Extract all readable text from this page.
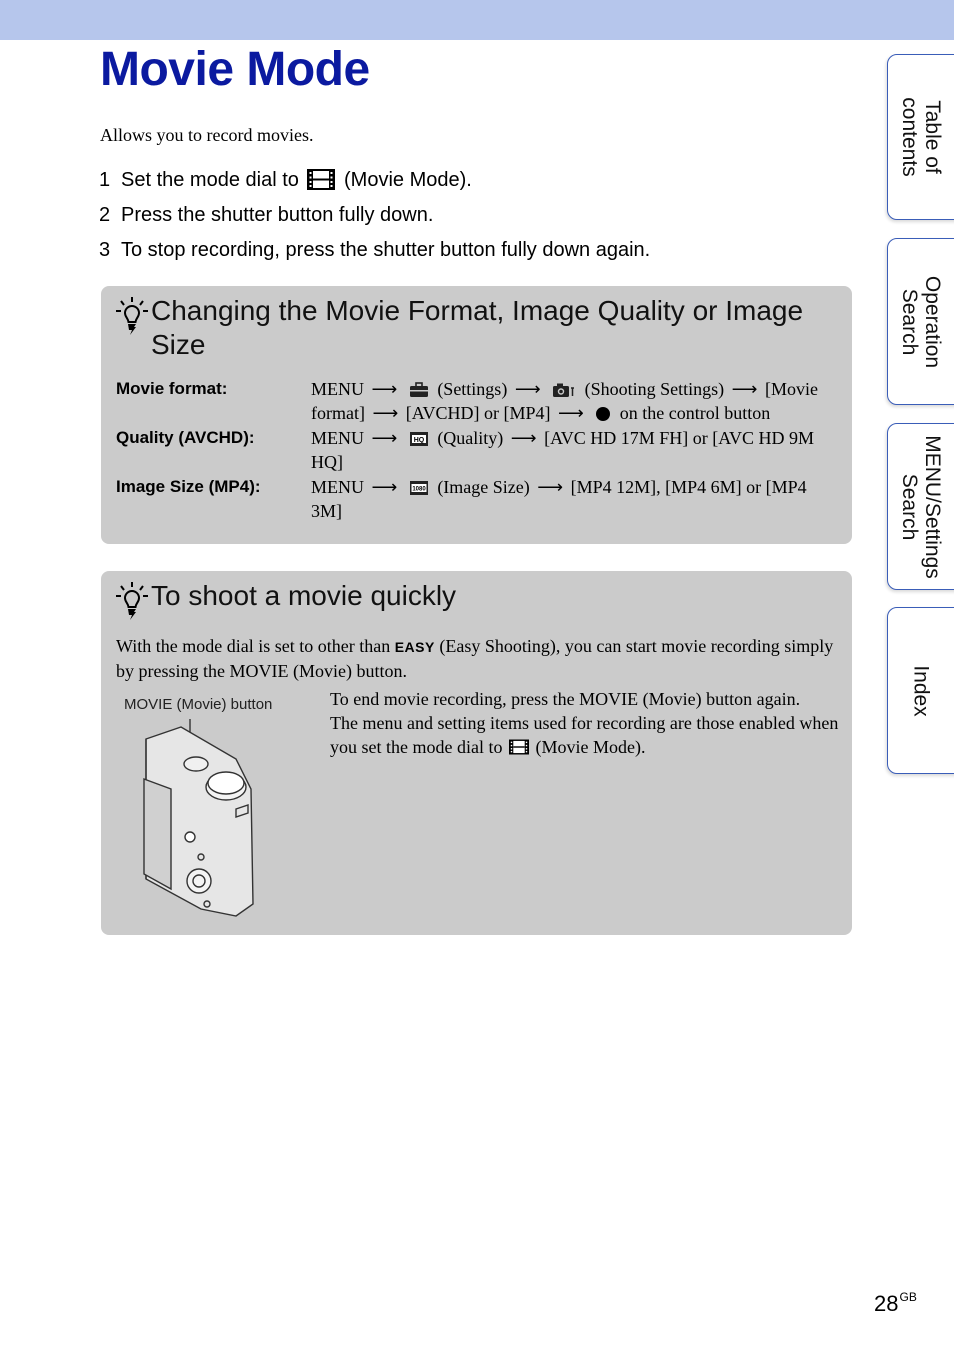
Movie Mode
Allows you to record movies.
1 Set the mode dial to (Movie Mode).
2 Press the shutter button fully down.
3 To stop recording, press the shutter button fully down again.
Changing the Movie Format, Image Quality or Image Size
Movie format:	MENU ⟶ (Settings) ⟶ (Shooting Settings) ⟶ [Movie format] ⟶ [AVCHD] or [MP4] ⟶ on the control button
Quality (AVCHD):	MENU ⟶ HQ (Quality) ⟶ [AVC HD 17M FH] or [AVC HD 9M HQ]
Image Size (MP4):	MENU ⟶ 1080 (Image Size) ⟶ [MP4 12M], [MP4 6M] or [MP4 3M]
To shoot a movie quickly
With the mode dial is set to other than EASY (Easy Shooting), you can start movie recording simply by pressing the MOVIE (Movie) button.
MOVIE (Movie) button	To end movie recording, press the MOVIE (Movie) button again.

The menu and setting items used for recording are those enabled when you set the mode dial to (Movie Mode).

Table of
contents
Operation
Search
MENU/Settings
Search
Index
$28^{GB}$
